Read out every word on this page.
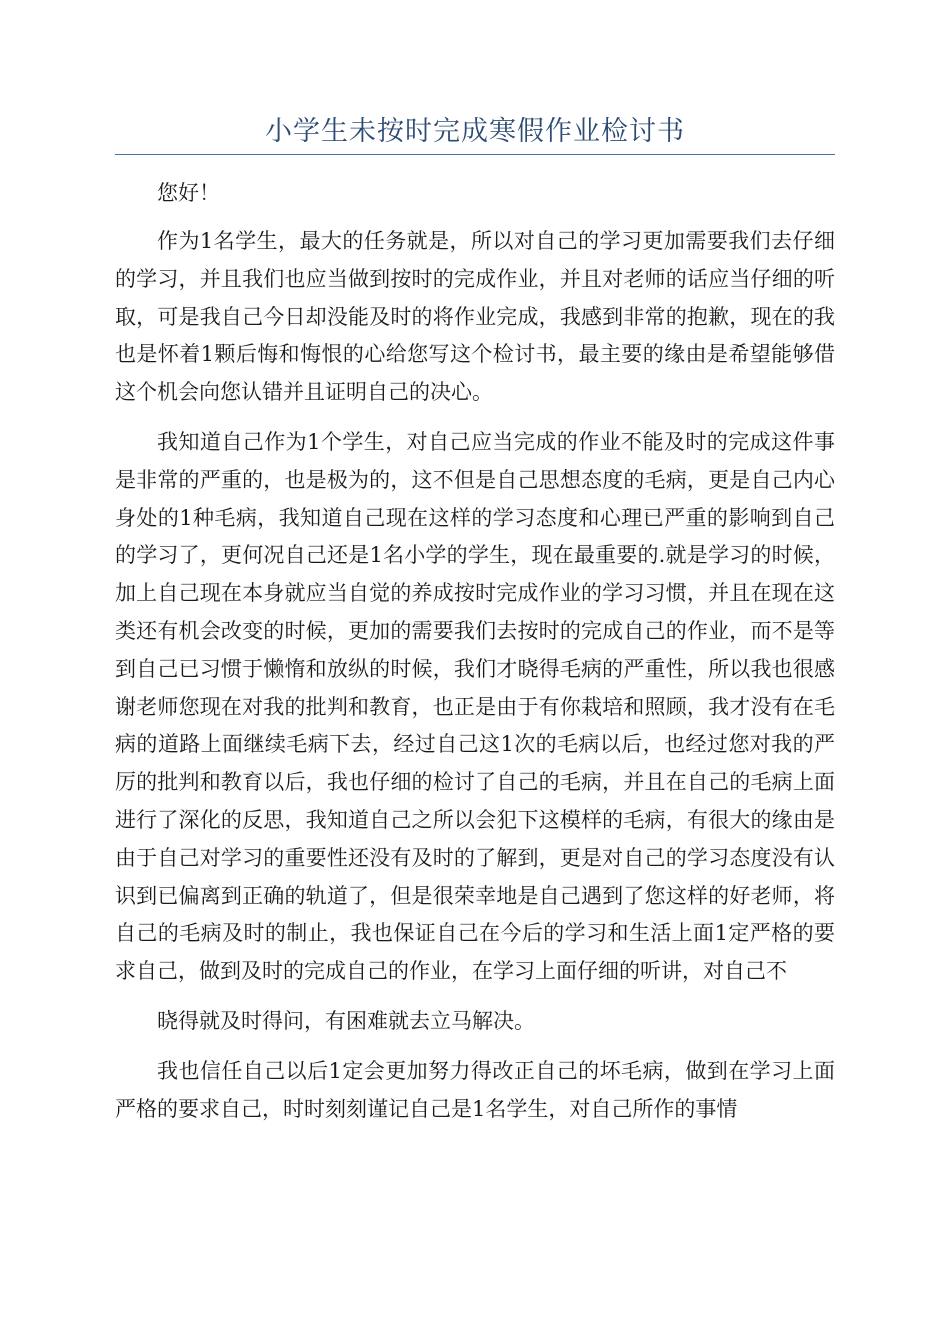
小学生未按时完成寒假作业检讨书

您好！

作为1名学生，最大的任务就是，所以对自己的学习更加需要我们去仔细的学习，并且我们也应当做到按时的完成作业，并且对老师的话应当仔细的听取，可是我自己今日却没能及时的将作业完成，我感到非常的抱歉，现在的我也是怀着1颗后悔和悔恨的心给您写这个检讨书，最主要的缘由是希望能够借这个机会向您认错并且证明自己的决心。

我知道自己作为1个学生，对自己应当完成的作业不能及时的完成这件事是非常的严重的，也是极为的，这不但是自己思想态度的毛病，更是自己内心身处的1种毛病，我知道自己现在这样的学习态度和心理已严重的影响到自己的学习了，更何况自己还是1名小学的学生，现在最重要的.就是学习的时候，加上自己现在本身就应当自觉的养成按时完成作业的学习习惯，并且在现在这类还有机会改变的时候，更加的需要我们去按时的完成自己的作业，而不是等到自己已习惯于懒惰和放纵的时候，我们才晓得毛病的严重性，所以我也很感谢老师您现在对我的批判和教育，也正是由于有你栽培和照顾，我才没有在毛病的道路上面继续毛病下去，经过自己这1次的毛病以后，也经过您对我的严厉的批判和教育以后，我也仔细的检讨了自己的毛病，并且在自己的毛病上面进行了深化的反思，我知道自己之所以会犯下这模样的毛病，有很大的缘由是由于自己对学习的重要性还没有及时的了解到，更是对自己的学习态度没有认识到已偏离到正确的轨道了，但是很荣幸地是自己遇到了您这样的好老师，将自己的毛病及时的制止，我也保证自己在今后的学习和生活上面1定严格的要求自己，做到及时的完成自己的作业，在学习上面仔细的听讲，对自己不

晓得就及时得问，有困难就去立马解决。

我也信任自己以后1定会更加努力得改正自己的坏毛病，做到在学习上面严格的要求自己，时时刻刻谨记自己是1名学生，对自己所作的事情
